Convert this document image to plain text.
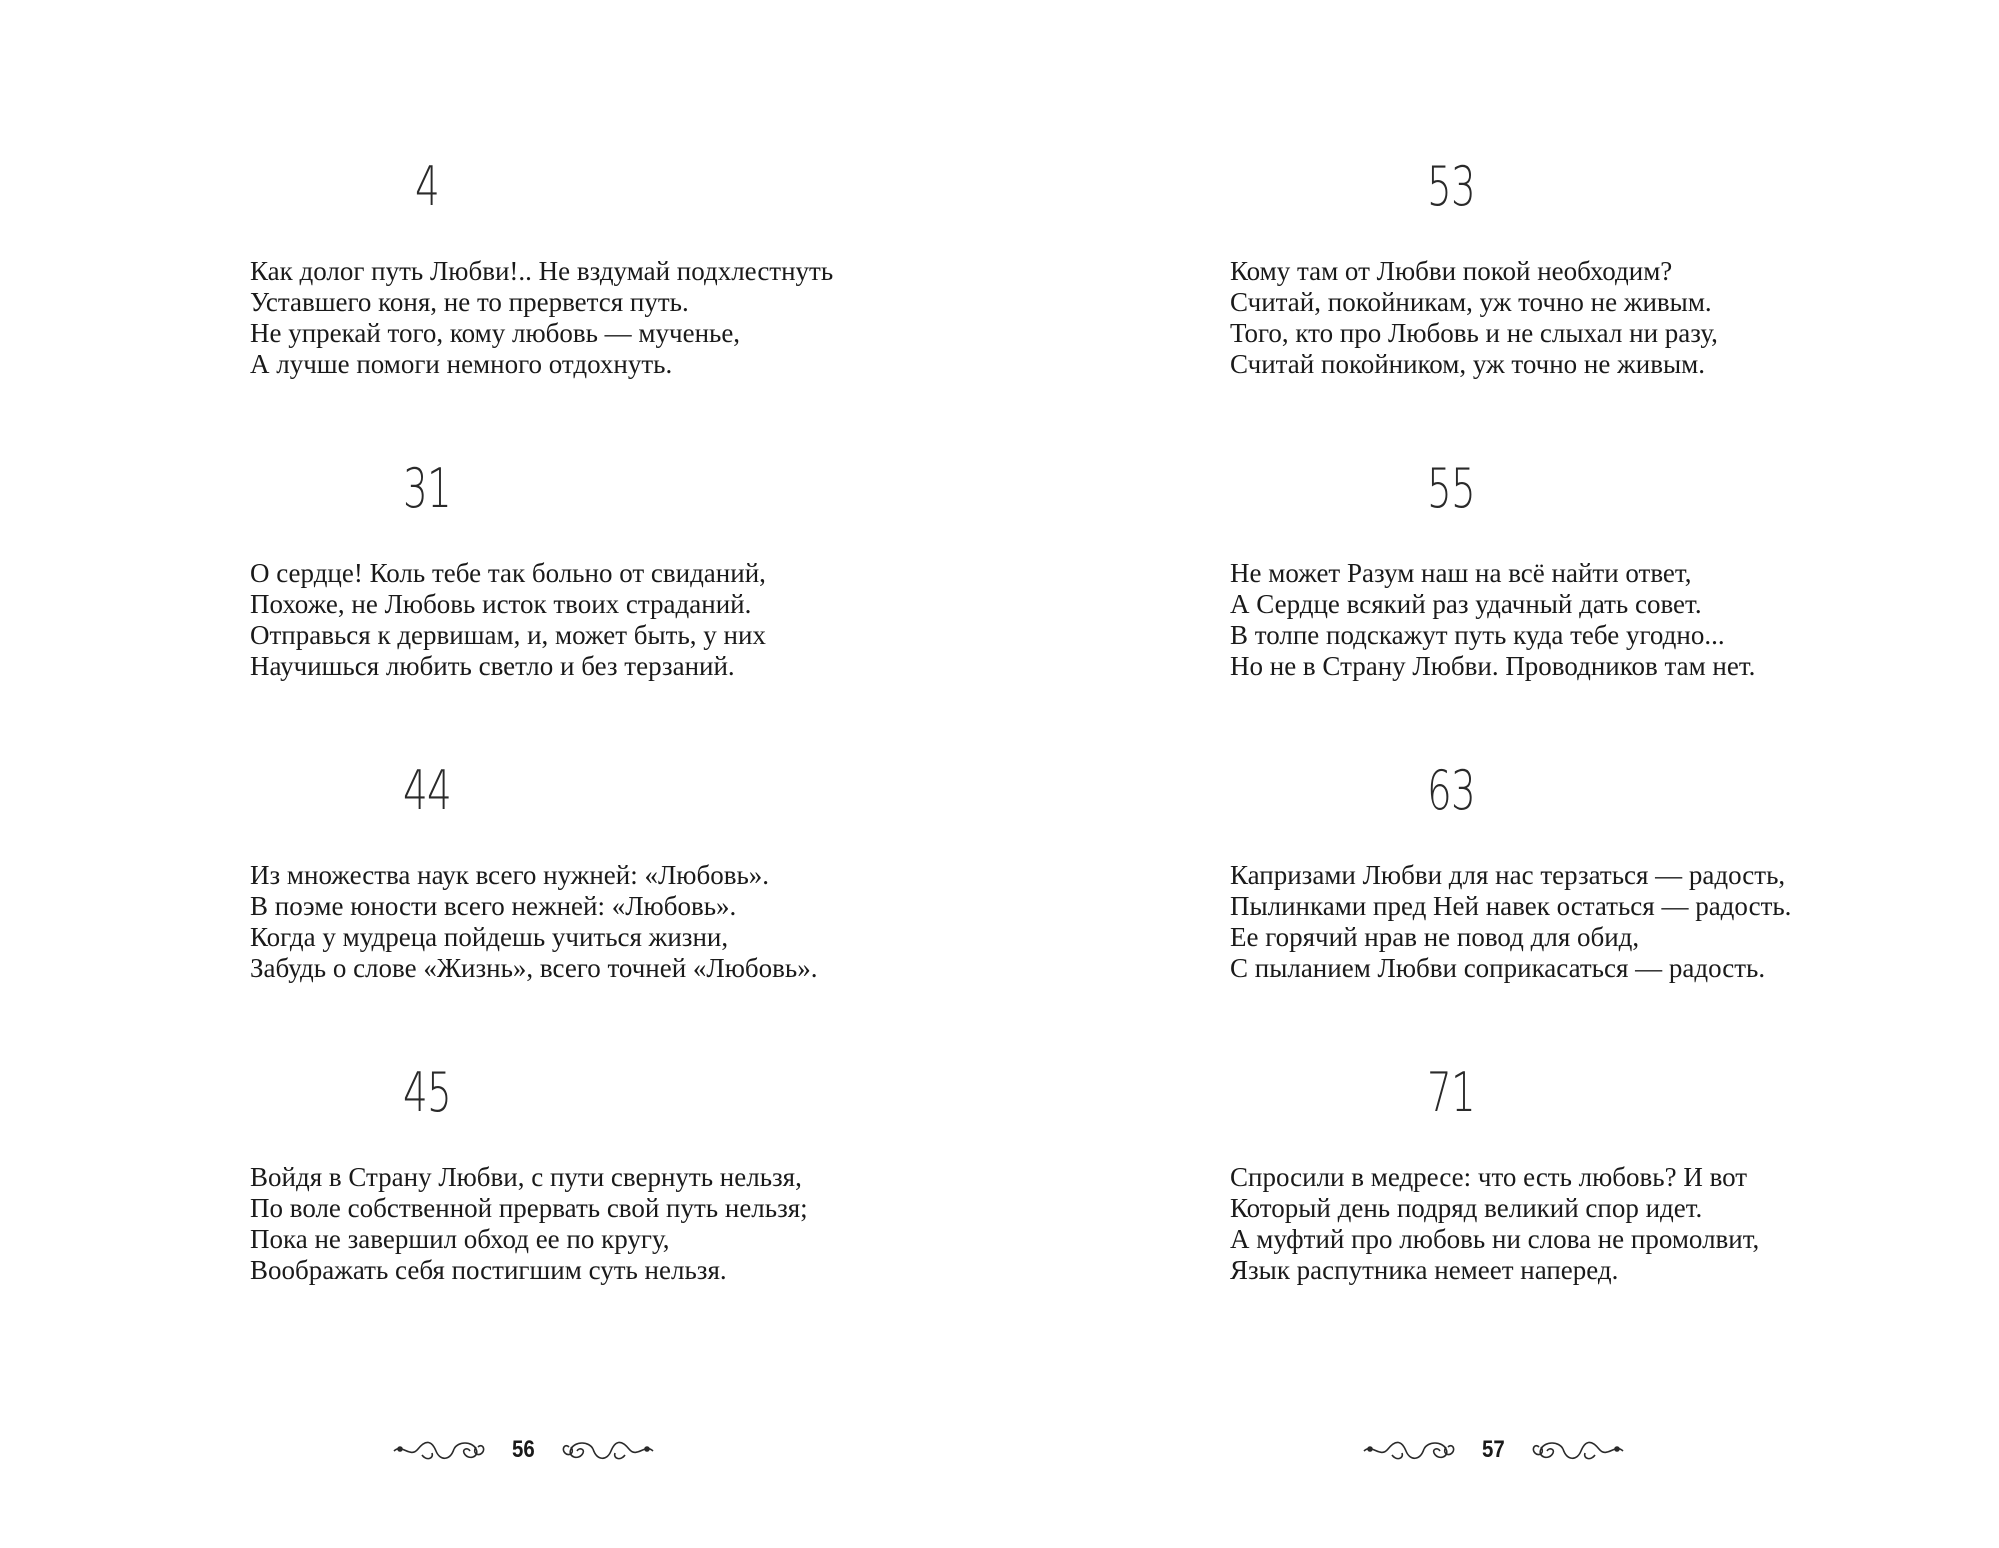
4
Как долог путь Любви!.. Не вздумай подхлестнуть
Уставшего коня, не то прервется путь.
Не упрекай того, кому любовь — мученье,
А лучше помоги немного отдохнуть.
31
О сердце! Коль тебе так больно от свиданий,
Похоже, не Любовь исток твоих страданий.
Отправься к дервишам, и, может быть, у них
Научишься любить светло и без терзаний.
44
Из множества наук всего нужней: «Любовь».
В поэме юности всего нежней: «Любовь».
Когда у мудреца пойдешь учиться жизни,
Забудь о слове «Жизнь», всего точней «Любовь».
45
Войдя в Страну Любви, с пути свернуть нельзя,
По воле собственной прервать свой путь нельзя;
Пока не завершил обход ее по кругу,
Воображать себя постигшим суть нельзя.
56
53
Кому там от Любви покой необходим?
Считай, покойникам, уж точно не живым.
Того, кто про Любовь и не слыхал ни разу,
Считай покойником, уж точно не живым.
55
Не может Разум наш на всё найти ответ,
А Сердце всякий раз удачный дать совет.
В толпе подскажут путь куда тебе угодно...
Но не в Страну Любви. Проводников там нет.
63
Капризами Любви для нас терзаться — радость,
Пылинками пред Ней навек остаться — радость.
Ее горячий нрав не повод для обид,
С пыланием Любви соприкасаться — радость.
71
Спросили в медресе: что есть любовь? И вот
Который день подряд великий спор идет.
А муфтий про любовь ни слова не промолвит,
Язык распутника немеет наперед.
57
